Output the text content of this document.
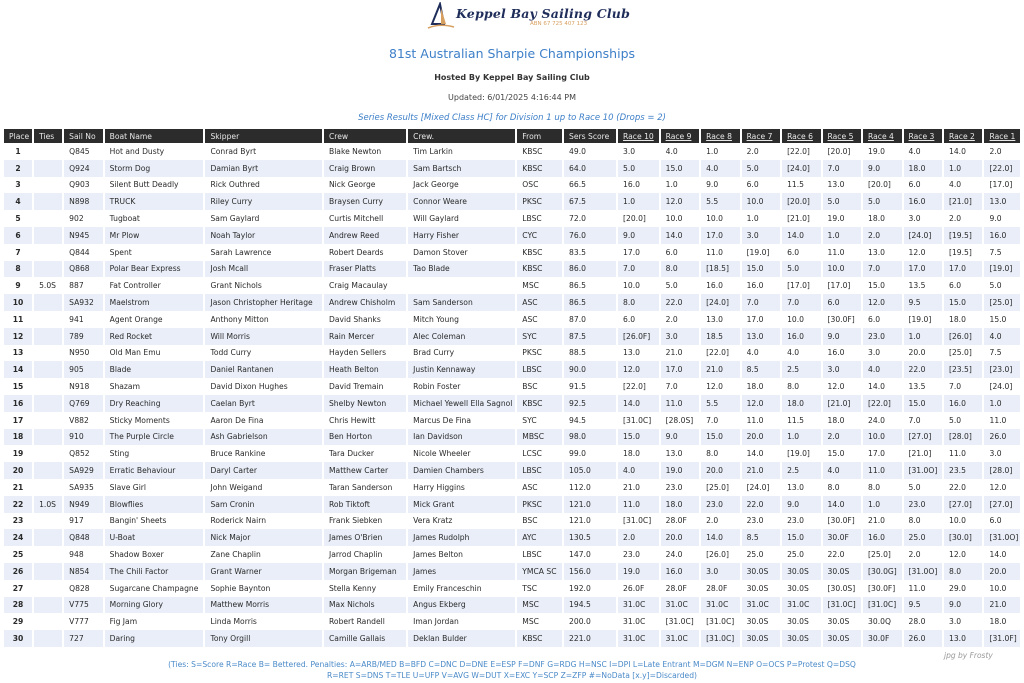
Keppel Bay Sailing Club
ABN 67 725 407 123
81st Australian Sharpie Championships
Hosted By Keppel Bay Sailing Club
Updated: 6/01/2025 4:16:44 PM
Series Results [Mixed Class HC] for Division 1 up to Race 10 (Drops = 2)
Place	Ties	Sail No	Boat Name	Skipper	Crew	Crew.	From	Sers Score	Race 10	Race 9	Race 8	Race 7	Race 6	Race 5	Race 4	Race 3	Race 2	Race 1
1		Q845	Hot and Dusty	Conrad Byrt	Blake Newton	Tim Larkin	KBSC	49.0	3.0	4.0	1.0	2.0	[22.0]	[20.0]	19.0	4.0	14.0	2.0
2		Q924	Storm Dog	Damian Byrt	Craig Brown	Sam Bartsch	KBSC	64.0	5.0	15.0	4.0	5.0	[24.0]	7.0	9.0	18.0	1.0	[22.0]
3		Q903	Silent Butt Deadly	Rick Outhred	Nick George	Jack George	OSC	66.5	16.0	1.0	9.0	6.0	11.5	13.0	[20.0]	6.0	4.0	[17.0]
4		N898	TRUCK	Riley Curry	Braysen Curry	Connor Weare	PKSC	67.5	1.0	12.0	5.5	10.0	[20.0]	5.0	5.0	16.0	[21.0]	13.0
5		902	Tugboat	Sam Gaylard	Curtis Mitchell	Will Gaylard	LBSC	72.0	[20.0]	10.0	10.0	1.0	[21.0]	19.0	18.0	3.0	2.0	9.0
6		N945	Mr Plow	Noah Taylor	Andrew Reed	Harry Fisher	CYC	76.0	9.0	14.0	17.0	3.0	14.0	1.0	2.0	[24.0]	[19.5]	16.0
7		Q844	Spent	Sarah Lawrence	Robert Deards	Damon Stover	KBSC	83.5	17.0	6.0	11.0	[19.0]	6.0	11.0	13.0	12.0	[19.5]	7.5
8		Q868	Polar Bear Express	Josh Mcall	Fraser Platts	Tao Blade	KBSC	86.0	7.0	8.0	[18.5]	15.0	5.0	10.0	7.0	17.0	17.0	[19.0]
9	5.0S	887	Fat Controller	Grant Nichols	Craig Macaulay		MSC	86.5	10.0	5.0	16.0	16.0	[17.0]	[17.0]	15.0	13.5	6.0	5.0
10		SA932	Maelstrom	Jason Christopher Heritage	Andrew Chisholm	Sam Sanderson	ASC	86.5	8.0	22.0	[24.0]	7.0	7.0	6.0	12.0	9.5	15.0	[25.0]
11		941	Agent Orange	Anthony Mitton	David Shanks	Mitch Young	ASC	87.0	6.0	2.0	13.0	17.0	10.0	[30.0F]	6.0	[19.0]	18.0	15.0
12		789	Red Rocket	Will Morris	Rain Mercer	Alec Coleman	SYC	87.5	[26.0F]	3.0	18.5	13.0	16.0	9.0	23.0	1.0	[26.0]	4.0
13		N950	Old Man Emu	Todd Curry	Hayden Sellers	Brad Curry	PKSC	88.5	13.0	21.0	[22.0]	4.0	4.0	16.0	3.0	20.0	[25.0]	7.5
14		905	Blade	Daniel Rantanen	Heath Belton	Justin Kennaway	LBSC	90.0	12.0	17.0	21.0	8.5	2.5	3.0	4.0	22.0	[23.5]	[23.0]
15		N918	Shazam	David Dixon Hughes	David Tremain	Robin Foster	BSC	91.5	[22.0]	7.0	12.0	18.0	8.0	12.0	14.0	13.5	7.0	[24.0]
16		Q769	Dry Reaching	Caelan Byrt	Shelby Newton	Michael Yewell Ella Sagnol	KBSC	92.5	14.0	11.0	5.5	12.0	18.0	[21.0]	[22.0]	15.0	16.0	1.0
17		V882	Sticky Moments	Aaron De Fina	Chris Hewitt	Marcus De Fina	SYC	94.5	[31.0C]	[28.0S]	7.0	11.0	11.5	18.0	24.0	7.0	5.0	11.0
18		910	The Purple Circle	Ash Gabrielson	Ben Horton	Ian Davidson	MBSC	98.0	15.0	9.0	15.0	20.0	1.0	2.0	10.0	[27.0]	[28.0]	26.0
19		Q852	Sting	Bruce Rankine	Tara Ducker	Nicole Wheeler	LCSC	99.0	18.0	13.0	8.0	14.0	[19.0]	15.0	17.0	[21.0]	11.0	3.0
20		SA929	Erratic Behaviour	Daryl Carter	Matthew Carter	Damien Chambers	LBSC	105.0	4.0	19.0	20.0	21.0	2.5	4.0	11.0	[31.0O]	23.5	[28.0]
21		SA935	Slave Girl	John Weigand	Taran Sanderson	Harry Higgins	ASC	112.0	21.0	23.0	[25.0]	[24.0]	13.0	8.0	8.0	5.0	22.0	12.0
22	1.0S	N949	Blowflies	Sam Cronin	Rob Tiktoft	Mick Grant	PKSC	121.0	11.0	18.0	23.0	22.0	9.0	14.0	1.0	23.0	[27.0]	[27.0]
23		917	Bangin' Sheets	Roderick Nairn	Frank Siebken	Vera Kratz	BSC	121.0	[31.0C]	28.0F	2.0	23.0	23.0	[30.0F]	21.0	8.0	10.0	6.0
24		Q848	U-Boat	Nick Major	James O'Brien	James Rudolph	AYC	130.5	2.0	20.0	14.0	8.5	15.0	30.0F	16.0	25.0	[30.0]	[31.0O]
25		948	Shadow Boxer	Zane Chaplin	Jarrod Chaplin	James Belton	LBSC	147.0	23.0	24.0	[26.0]	25.0	25.0	22.0	[25.0]	2.0	12.0	14.0
26		N854	The Chili Factor	Grant Warner	Morgan Brigeman	James	YMCA SC	156.0	19.0	16.0	3.0	30.0S	30.0S	30.0S	[30.0G]	[31.0O]	8.0	20.0
27		Q828	Sugarcane Champagne	Sophie Baynton	Stella Kenny	Emily Franceschin	TSC	192.0	26.0F	28.0F	28.0F	30.0S	30.0S	[30.0S]	[30.0F]	11.0	29.0	10.0
28		V775	Morning Glory	Matthew Morris	Max Nichols	Angus Ekberg	MSC	194.5	31.0C	31.0C	31.0C	31.0C	31.0C	[31.0C]	[31.0C]	9.5	9.0	21.0
29		V777	Fig Jam	Linda Morris	Robert Randell	Iman Jordan	MSC	200.0	31.0C	[31.0C]	[31.0C]	30.0S	30.0S	30.0S	30.0Q	28.0	3.0	18.0
30		727	Daring	Tony Orgill	Camille Gallais	Deklan Bulder	KBSC	221.0	31.0C	31.0C	[31.0C]	30.0S	30.0S	30.0S	30.0F	26.0	13.0	[31.0F]
(Ties: S=Score R=Race B= Bettered. Penalties: A=ARB/MED B=BFD C=DNC D=DNE E=ESP F=DNF G=RDG H=NSC I=DPI L=Late Entrant M=DGM N=ENP O=OCS P=Protest Q=DSQ
R=RET S=DNS T=TLE U=UFP V=AVG W=DUT X=EXC Y=SCP Z=ZFP #=NoData [x.y]=Discarded)
jpg by Frosty
